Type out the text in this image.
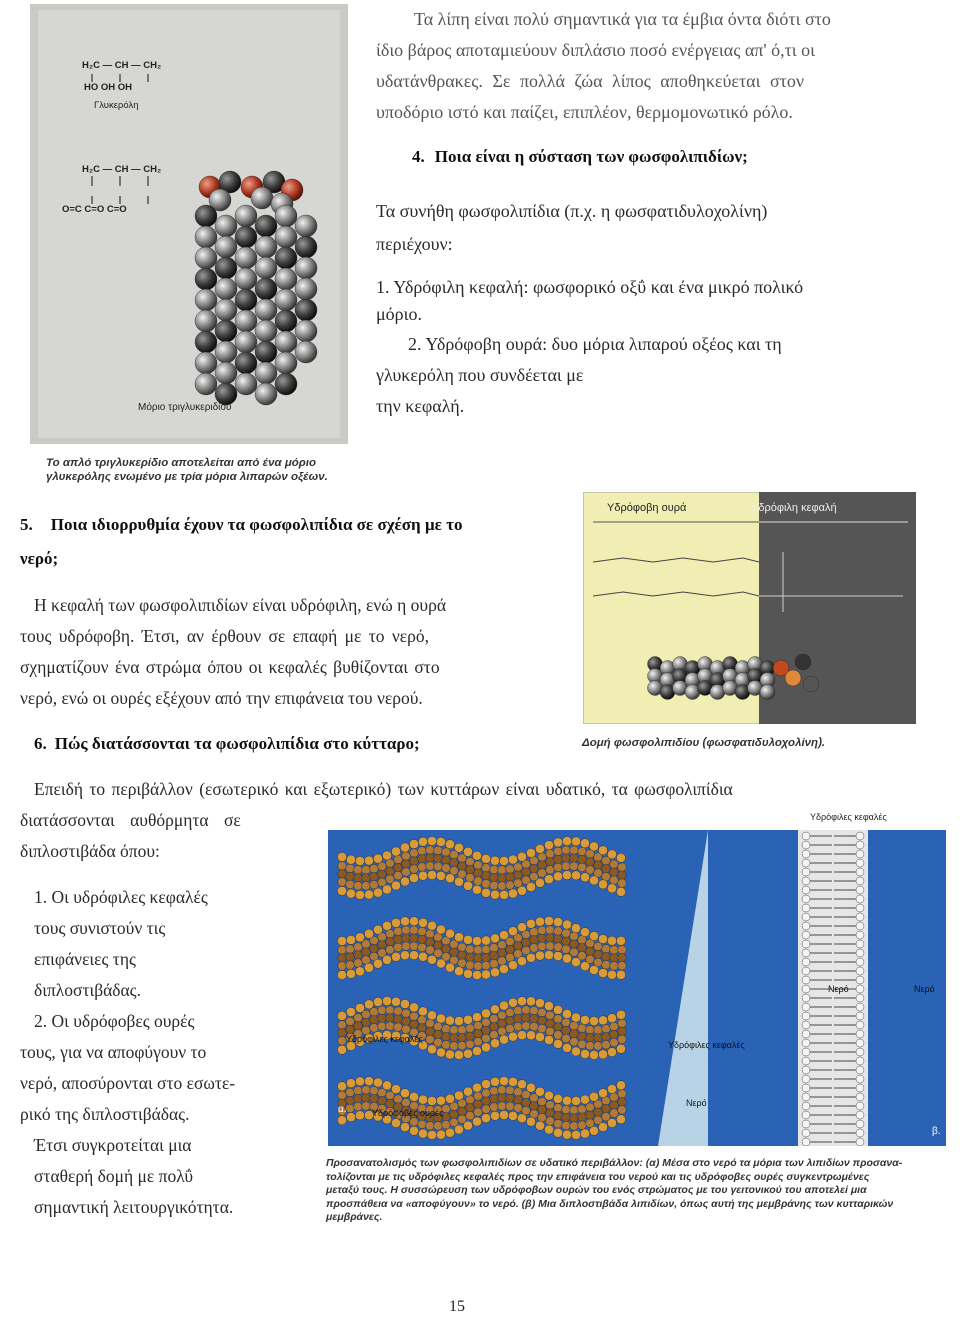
H₂C — CH — CH₂
HO OH OH
Γλυκερόλη
H₂C — CH — CH₂
O=C C=O C=O
Μόριο τριγλυκεριδίου
Το απλό τριγλυκερίδιο αποτελείται από ένα μόριο
γλυκερόλης ενωμένο με τρία μόρια λιπαρών οξέων.
Τα λίπη είναι πολύ σημαντικά για τα έμβια όντα διότι στο
ίδιο βάρος αποταμιεύουν διπλάσιο ποσό ενέργειας απ' ό,τι οι
υδατάνθρακες. Σε πολλά ζώα λίπος αποθηκεύεται στον
υποδόριο ιστό και παίζει, επιπλέον, θερμομονωτικό ρόλο.
4. Ποια είναι η σύσταση των φωσφολιπιδίων;
Τα συνήθη φωσφολιπίδια (π.χ. η φωσφατιδυλοχολίνη)
περιέχουν:
1. Υδρόφιλη κεφαλή: φωσφορικό οξΰ και ένα μικρό πολικό
μόριο.
2. Υδρόφοβη ουρά: δυο μόρια λιπαρού οξέος και τη
γλυκερόλη που συνδέεται με
την κεφαλή.
5. Ποια ιδιορρυθμία έχουν τα φωσφολιπίδια σε σχέση με το
νερό;
Η κεφαλή των φωσφολιπιδίων είναι υδρόφιλη, ενώ η ουρά
τους υδρόφοβη. Έτσι, αν έρθουν σε επαφή με το νερό,
σχηματίζουν ένα στρώμα όπου οι κεφαλές βυθίζονται στο
νερό, ενώ οι ουρές εξέχουν από την επιφάνεια του νερού.
Υδρόφοβη ουρά	Υδρόφιλη κεφαλή
Δομή φωσφολιπιδίου (φωσφατιδυλοχολίνη).
6. Πώς διατάσσονται τα φωσφολιπίδια στο κύτταρο;
Επειδή το περιβάλλον (εσωτερικό και εξωτερικό) των κυττάρων είναι υδατικό, τα φωσφολιπίδια
διατάσσονται αυθόρμητα σε
διπλοστιβάδα όπου:
1. Οι υδρόφιλες κεφαλές
τους συνιστούν τις
επιφάνειες της
διπλοστιβάδας.
2. Οι υδρόφοβες ουρές
τους, για να αποφύγουν το
νερό, αποσύρονται στο εσωτε-
ρικό της διπλοστιβάδας.
Έτσι συγκροτείται μια
σταθερή δομή με πολΰ
σημαντική λειτουργικότητα.
Υδρόφιλες κεφαλές
Υδρόφιλες κεφαλές
Υδρόφιλες κεφαλές
Υδρόφοβες ουρές
Νερό
Νερό	Νερό
α.
β.
Προσανατολισμός των φωσφολιπιδίων σε υδατικό περιβάλλον: (α) Μέσα στο νερό τα μόρια των λιπιδίων προσανα-
τολίζονται με τις υδρόφιλες κεφαλές προς την επιφάνεια του νερού και τις υδρόφοβες ουρές συγκεντρωμένες
μεταξύ τους. Η συσσώρευση των υδρόφοβων ουρών του ενός στρώματος με του γειτονικού του αποτελεί μια
προσπάθεια να «αποφύγουν» το νερό. (β) Μια διπλοστιβάδα λιπιδίων, όπως αυτή της μεμβράνης των κυτταρικών
μεμβράνες.
15
